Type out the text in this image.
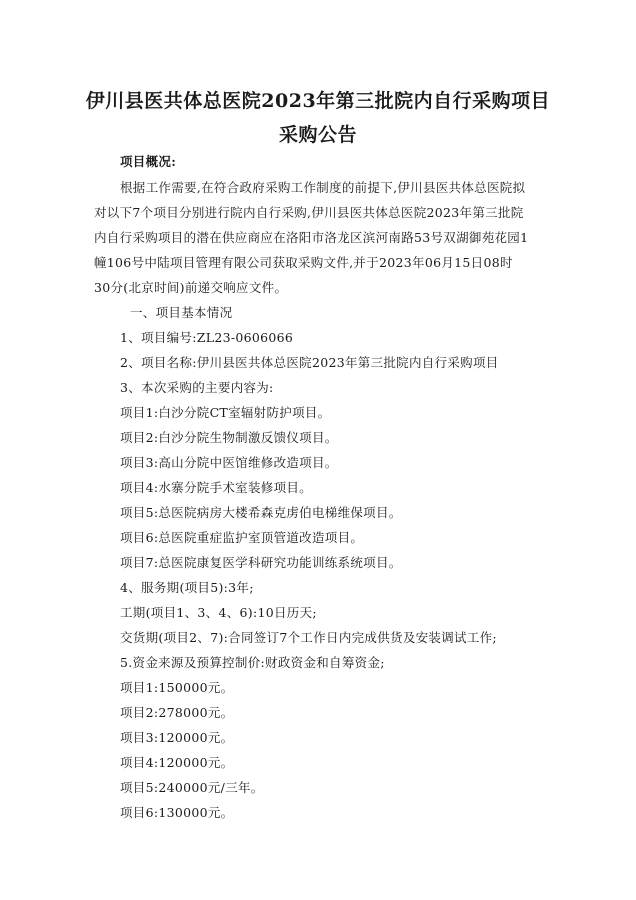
伊川县医共体总医院2023年第三批院内自行采购项目
采购公告
项目概况:
根据工作需要,在符合政府采购工作制度的前提下,伊川县医共体总医院拟
对以下7个项目分别进行院内自行采购,伊川县医共体总医院2023年第三批院
内自行采购项目的潜在供应商应在洛阳市洛龙区滨河南路53号双湖御苑花园1
幢106号中陆项目管理有限公司获取采购文件,并于2023年06月15日08时
30分(北京时间)前递交响应文件。
一、项目基本情况
1、项目编号:ZL23-0606066
2、项目名称:伊川县医共体总医院2023年第三批院内自行采购项目
3、本次采购的主要内容为:
项目1:白沙分院CT室辐射防护项目。
项目2:白沙分院生物制激反馈仪项目。
项目3:高山分院中医馆维修改造项目。
项目4:水寨分院手术室装修项目。
项目5:总医院病房大楼希森克虏伯电梯维保项目。
项目6:总医院重症监护室顶管道改造项目。
项目7:总医院康复医学科研究功能训练系统项目。
4、服务期(项目5):3年;
工期(项目1、3、4、6):10日历天;
交货期(项目2、7):合同签订7个工作日内完成供货及安装调试工作;
5.资金来源及预算控制价:财政资金和自筹资金;
项目1:150000元。
项目2:278000元。
项目3:120000元。
项目4:120000元。
项目5:240000元/三年。
项目6:130000元。
